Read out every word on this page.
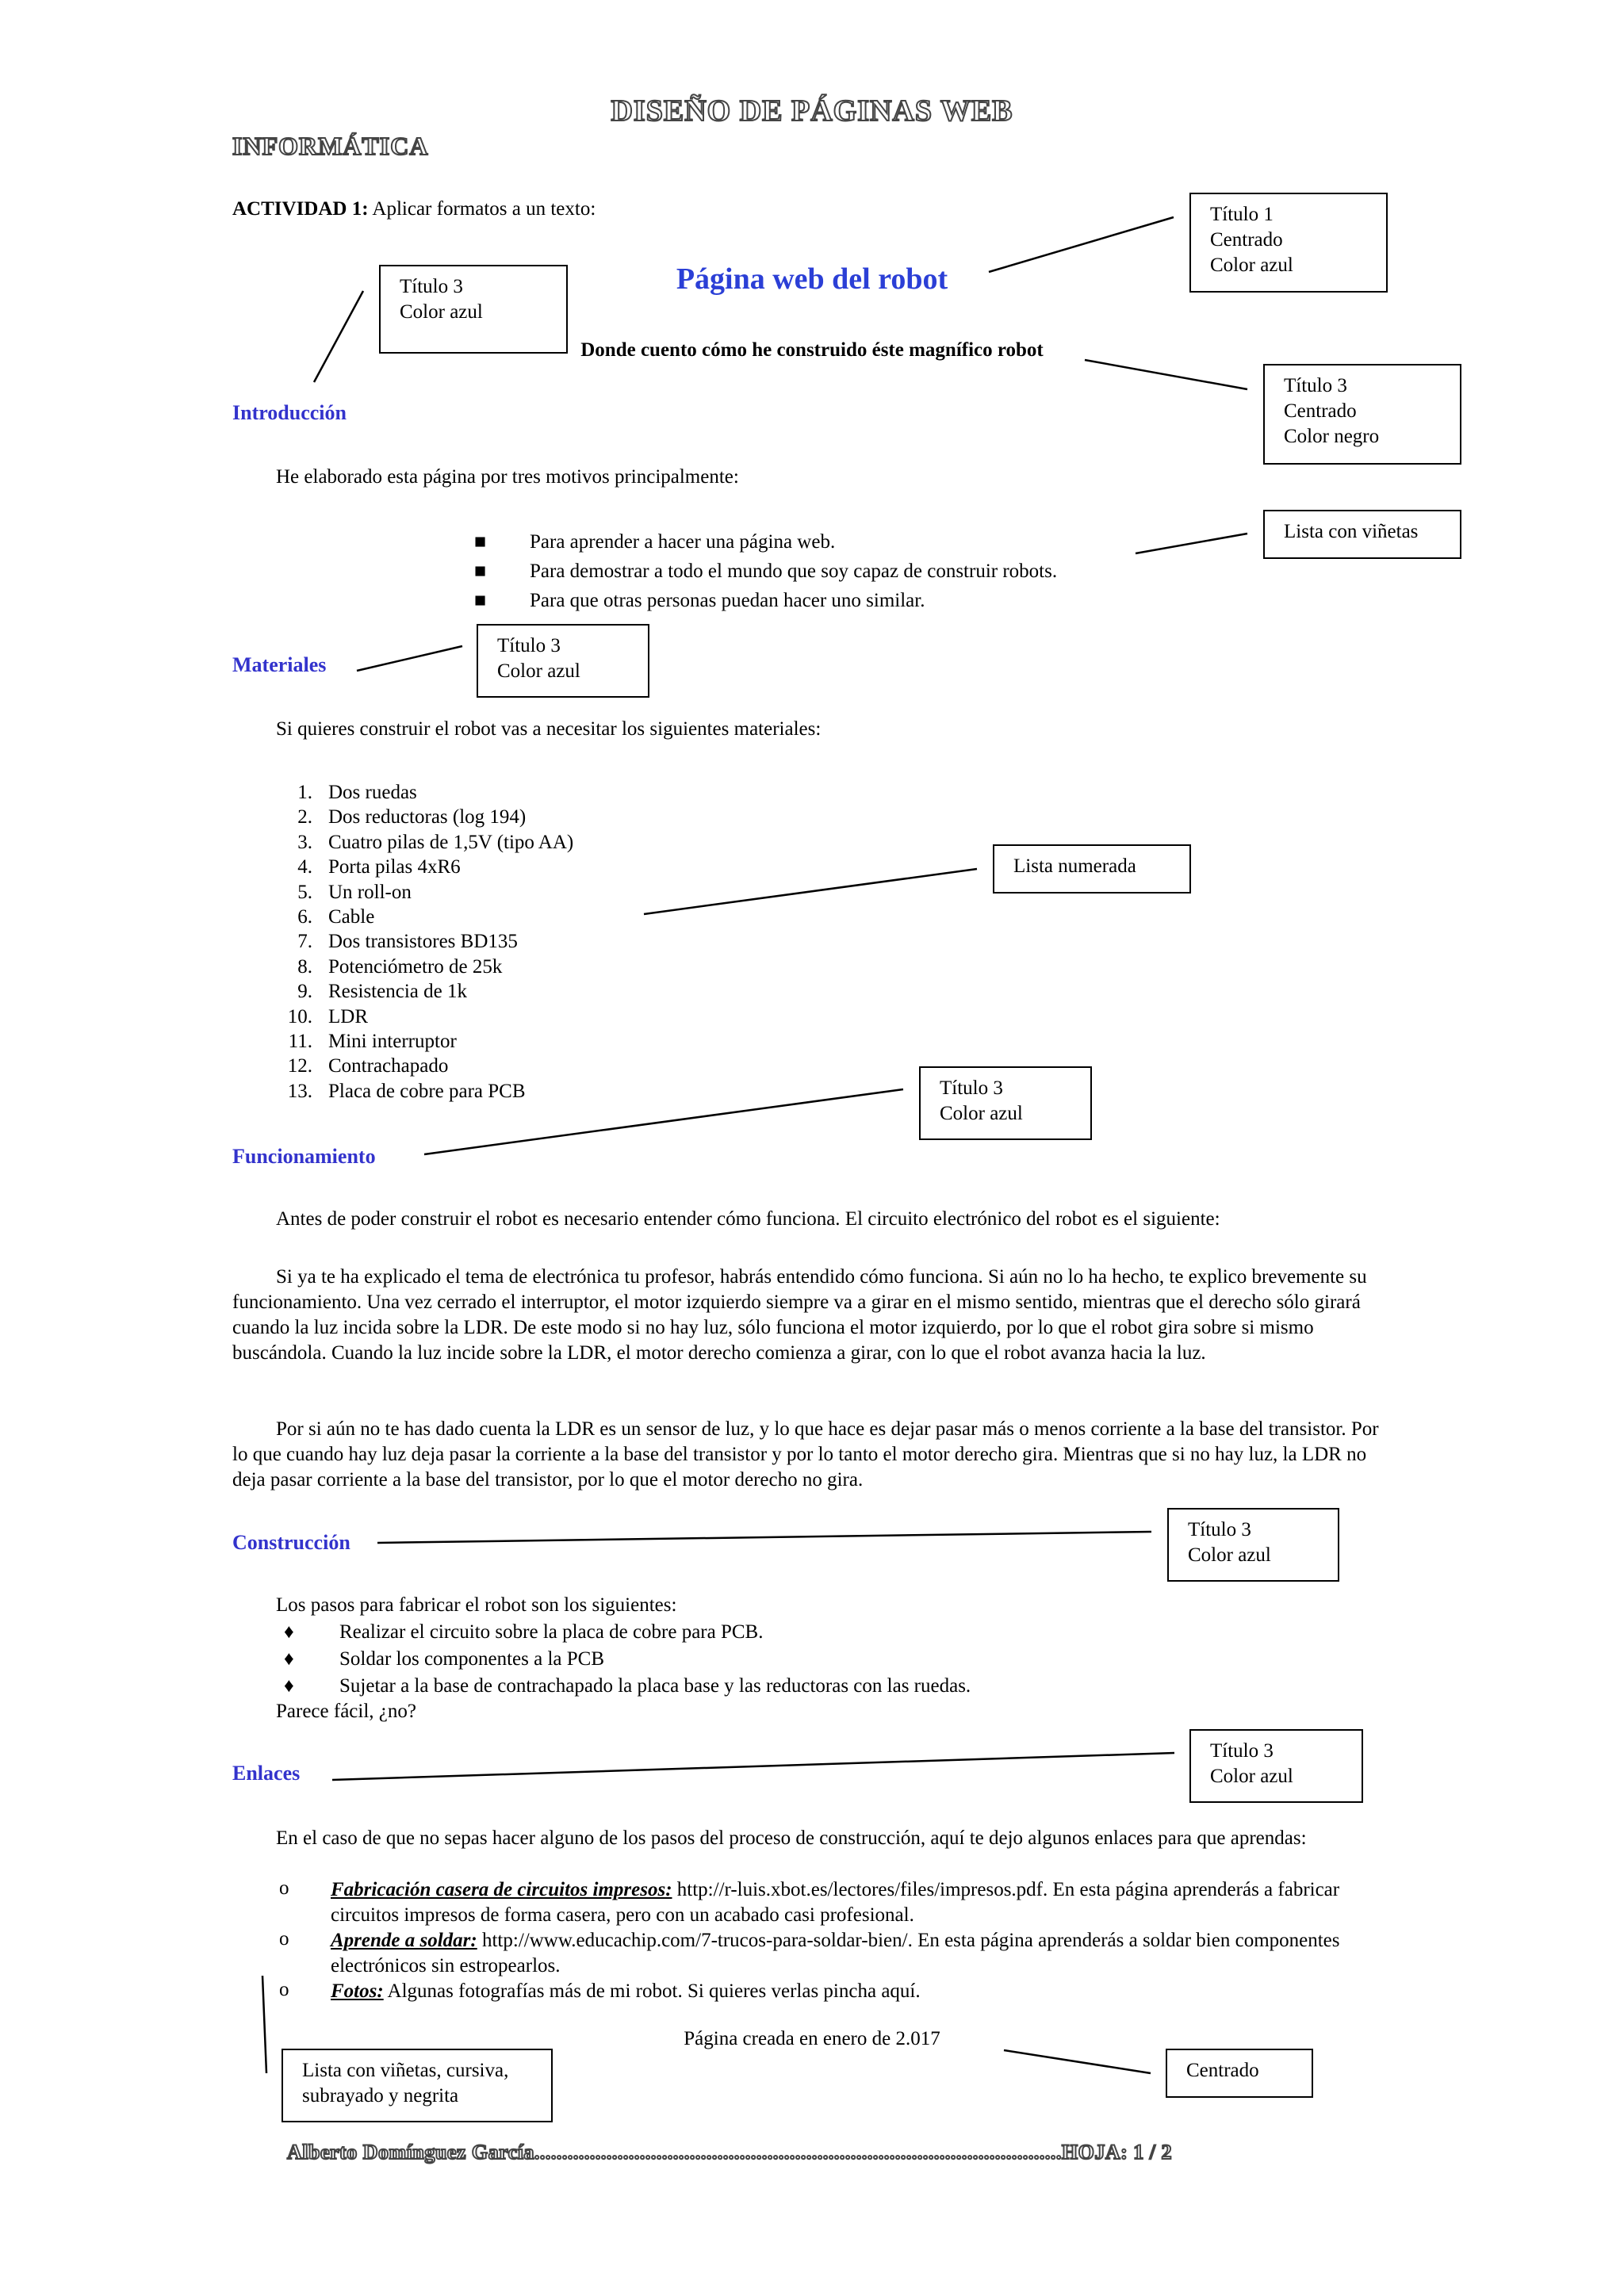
DISEÑO DE PÁGINAS WEB
INFORMÁTICA
ACTIVIDAD 1: Aplicar formatos a un texto:
Página web del robot
Donde cuento cómo he construido éste magnífico robot
Introducción
He elaborado esta página por tres motivos principalmente:
■ Para aprender a hacer una página web.
■ Para demostrar a todo el mundo que soy capaz de construir robots.
■ Para que otras personas puedan hacer uno similar.
Materiales
Si quieres construir el robot vas a necesitar los siguientes materiales:
1. Dos ruedas
2. Dos reductoras (log 194)
3. Cuatro pilas de 1,5V (tipo AA)
4. Porta pilas 4xR6
5. Un roll-on
6. Cable
7. Dos transistores BD135
8. Potenciómetro de 25k
9. Resistencia de 1k
10. LDR
11. Mini interruptor
12. Contrachapado
13. Placa de cobre para PCB
Funcionamiento
Antes de poder construir el robot es necesario entender cómo funciona. El circuito electrónico del robot es el siguiente:
Si ya te ha explicado el tema de electrónica tu profesor, habrás entendido cómo funciona. Si aún no lo ha hecho, te explico brevemente su funcionamiento. Una vez cerrado el interruptor, el motor izquierdo siempre va a girar en el mismo sentido, mientras que el derecho sólo girará cuando la luz incida sobre la LDR. De este modo si no hay luz, sólo funciona el motor izquierdo, por lo que el robot gira sobre si mismo buscándola. Cuando la luz incide sobre la LDR, el motor derecho comienza a girar, con lo que el robot avanza hacia la luz.
Por si aún no te has dado cuenta la LDR es un sensor de luz, y lo que hace es dejar pasar más o menos corriente a la base del transistor. Por lo que cuando hay luz deja pasar la corriente a la base del transistor y por lo tanto el motor derecho gira. Mientras que si no hay luz, la LDR no deja pasar corriente a la base del transistor, por lo que el motor derecho no gira.
Construcción
Los pasos para fabricar el robot son los siguientes:
♦ Realizar el circuito sobre la placa de cobre para PCB.
♦ Soldar los componentes a la PCB
♦ Sujetar a la base de contrachapado la placa base y las reductoras con las ruedas.
Parece fácil, ¿no?
Enlaces
En el caso de que no sepas hacer alguno de los pasos del proceso de construcción, aquí te dejo algunos enlaces para que aprendas:
o Fabricación casera de circuitos impresos: http://r-luis.xbot.es/lectores/files/impresos.pdf. En esta página aprenderás a fabricar circuitos impresos de forma casera, pero con un acabado casi profesional.
o Aprende a soldar: http://www.educachip.com/7-trucos-para-soldar-bien/. En esta página aprenderás a soldar bien componentes electrónicos sin estropearlos.
o Fotos: Algunas fotografías más de mi robot. Si quieres verlas pincha aquí.
Página creada en enero de 2.017
Título 1
Centrado
Color azul
Título 3
Color azul
Título 3
Centrado
Color negro
Lista con viñetas
Título 3
Color azul
Lista numerada
Título 3
Color azul
Título 3
Color azul
Título 3
Color azul
Lista con viñetas, cursiva,
subrayado y negrita
Centrado
Alberto Domínguez García...............................................................................................HOJA: 1 / 2
